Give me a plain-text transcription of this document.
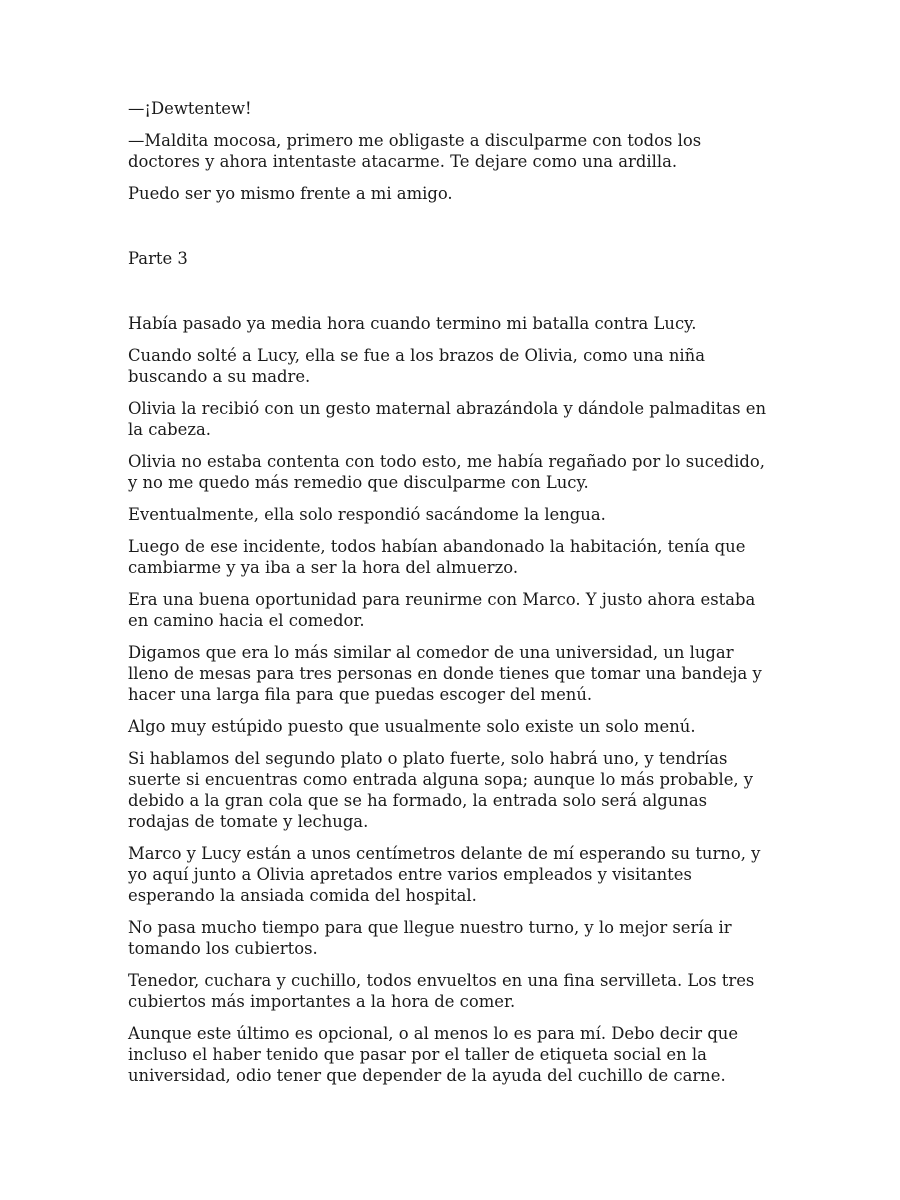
—¡Dewtentew!

—Maldita mocosa, primero me obligaste a disculparme con todos los doctores y ahora intentaste atacarme. Te dejare como una ardilla.

Puedo ser yo mismo frente a mi amigo.

Parte 3

Había pasado ya media hora cuando termino mi batalla contra Lucy.

Cuando solté a Lucy, ella se fue a los brazos de Olivia, como una niña buscando a su madre.

Olivia la recibió con un gesto maternal abrazándola y dándole palmaditas en la cabeza.

Olivia no estaba contenta con todo esto, me había regañado por lo sucedido, y no me quedo más remedio que disculparme con Lucy.

Eventualmente, ella solo respondió sacándome la lengua.

Luego de ese incidente, todos habían abandonado la habitación, tenía que cambiarme y ya iba a ser la hora del almuerzo.

Era una buena oportunidad para reunirme con Marco. Y justo ahora estaba en camino hacia el comedor.

Digamos que era lo más similar al comedor de una universidad, un lugar lleno de mesas para tres personas en donde tienes que tomar una bandeja y hacer una larga fila para que puedas escoger del menú.

Algo muy estúpido puesto que usualmente solo existe un solo menú.

Si hablamos del segundo plato o plato fuerte, solo habrá uno, y tendrías suerte si encuentras como entrada alguna sopa; aunque lo más probable, y debido a la gran cola que se ha formado, la entrada solo será algunas rodajas de tomate y lechuga.

Marco y Lucy están a unos centímetros delante de mí esperando su turno, y yo aquí junto a Olivia apretados entre varios empleados y visitantes esperando la ansiada comida del hospital.

No pasa mucho tiempo para que llegue nuestro turno, y lo mejor sería ir tomando los cubiertos.

Tenedor, cuchara y cuchillo, todos envueltos en una fina servilleta. Los tres cubiertos más importantes a la hora de comer.

Aunque este último es opcional, o al menos lo es para mí. Debo decir que incluso el haber tenido que pasar por el taller de etiqueta social en la universidad, odio tener que depender de la ayuda del cuchillo de carne.
